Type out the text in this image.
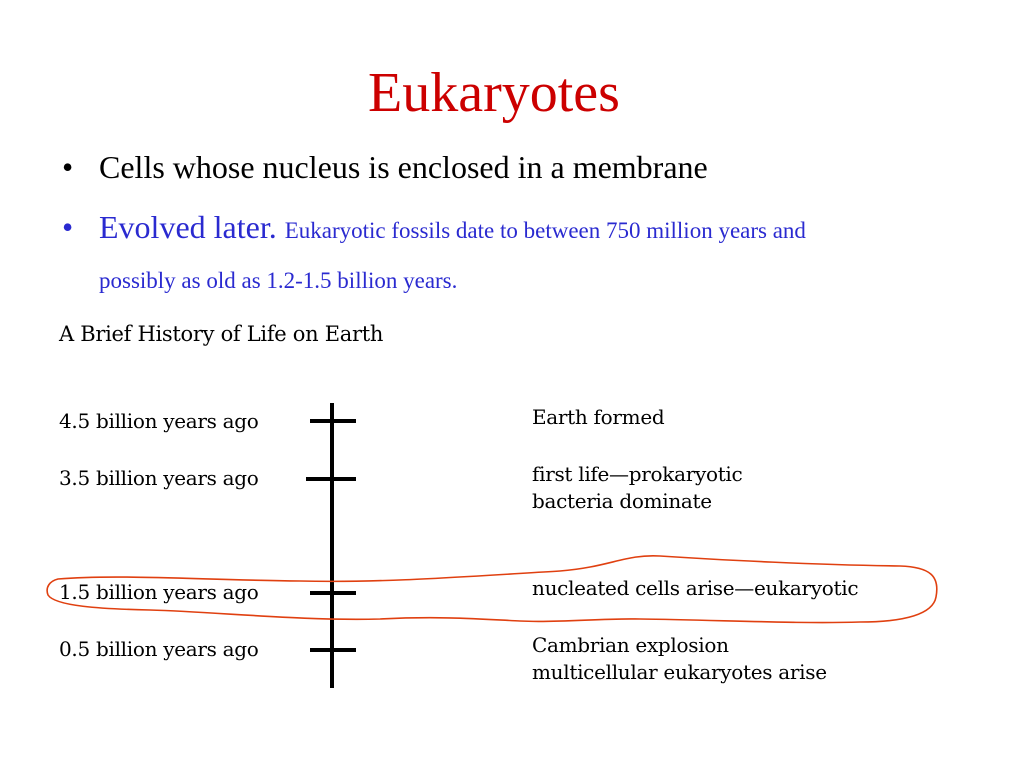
Eukaryotes
• Cells whose nucleus is enclosed in a membrane
• Evolved later. Eukaryotic fossils date to between 750 million years and
possibly as old as 1.2-1.5 billion years.
A Brief History of Life on Earth
4.5 billion years ago
3.5 billion years ago
1.5 billion years ago
0.5 billion years ago
Earth formed
first life—prokaryotic
bacteria dominate
nucleated cells arise—eukaryotic
Cambrian explosion
multicellular eukaryotes arise
